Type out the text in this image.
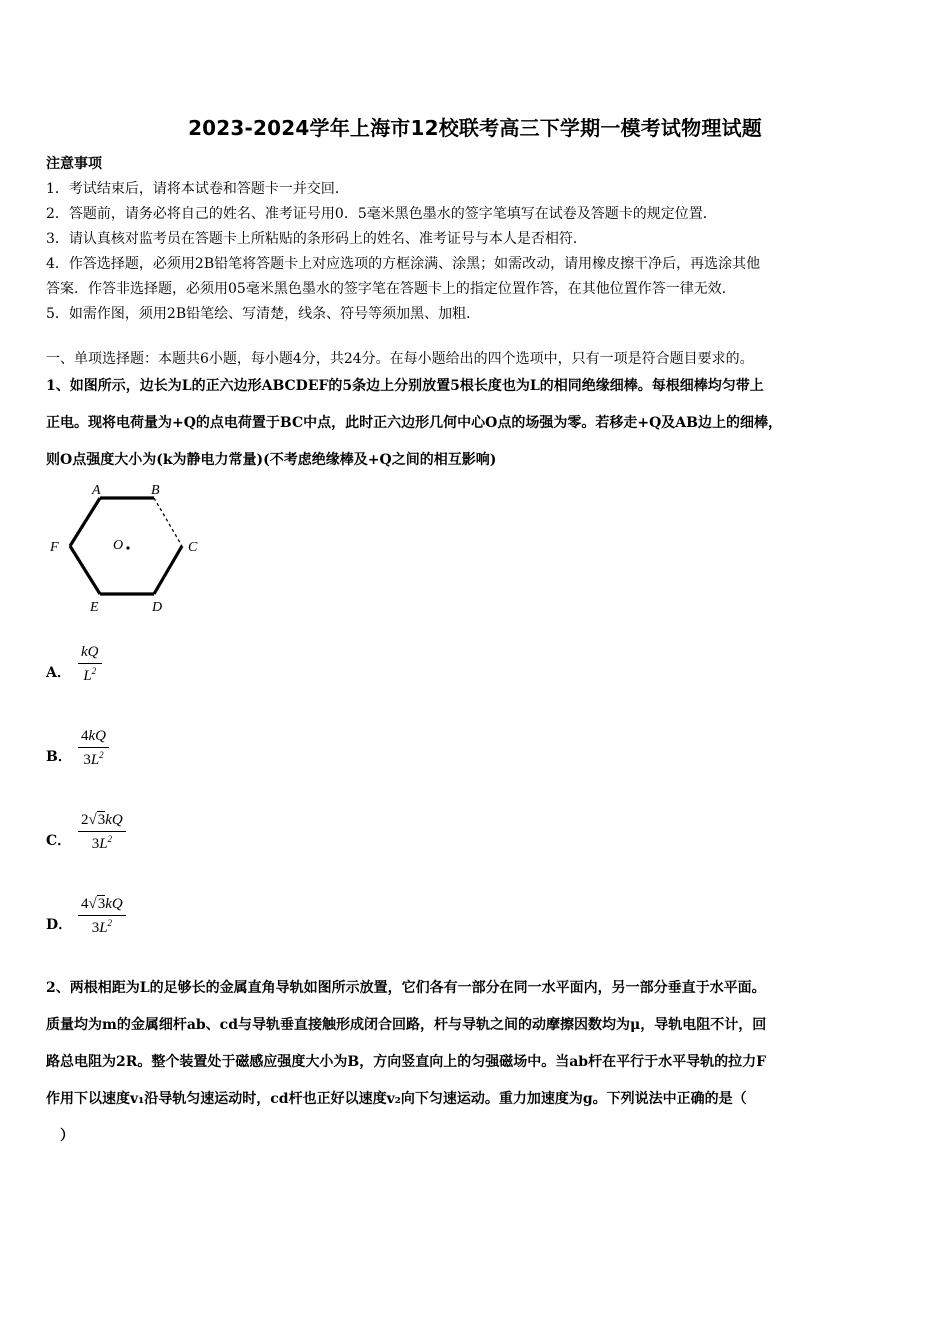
2023-2024学年上海市12校联考高三下学期一模考试物理试题
注意事项
1．考试结束后，请将本试卷和答题卡一并交回．
2．答题前，请务必将自己的姓名、准考证号用0．5毫米黑色墨水的签字笔填写在试卷及答题卡的规定位置．
3．请认真核对监考员在答题卡上所粘贴的条形码上的姓名、准考证号与本人是否相符．
4．作答选择题，必须用2B铅笔将答题卡上对应选项的方框涂满、涂黑；如需改动，请用橡皮擦干净后，再选涂其他
答案．作答非选择题，必须用05毫米黑色墨水的签字笔在答题卡上的指定位置作答，在其他位置作答一律无效．
5．如需作图，须用2B铅笔绘、写清楚，线条、符号等须加黑、加粗．
一、单项选择题：本题共6小题，每小题4分，共24分。在每小题给出的四个选项中，只有一项是符合题目要求的。
1、如图所示，边长为L的正六边形ABCDEF的5条边上分别放置5根长度也为L的相同绝缘细棒。每根细棒均匀带上
正电。现将电荷量为+Q的点电荷置于BC中点，此时正六边形几何中心O点的场强为零。若移走+Q及AB边上的细棒，
则O点强度大小为(k为静电力常量)(不考虑绝缘棒及+Q之间的相互影响)
A	B
C
D
E
F	O
A． $\frac{kQ}{L^2}$
B． $\frac{4kQ}{3L^2}$
C． $\frac{2√3kQ}{3L^2}$
D． $\frac{4√3kQ}{3L^2}$
2、两根相距为L的足够长的金属直角导轨如图所示放置，它们各有一部分在同一水平面内，另一部分垂直于水平面。
质量均为m的金属细杆ab、cd与导轨垂直接触形成闭合回路，杆与导轨之间的动摩擦因数均为μ，导轨电阻不计，回
路总电阻为2R。整个装置处于磁感应强度大小为B，方向竖直向上的匀强磁场中。当ab杆在平行于水平导轨的拉力F
作用下以速度v₁沿导轨匀速运动时，cd杆也正好以速度v₂向下匀速运动。重力加速度为g。下列说法中正确的是（
　）
